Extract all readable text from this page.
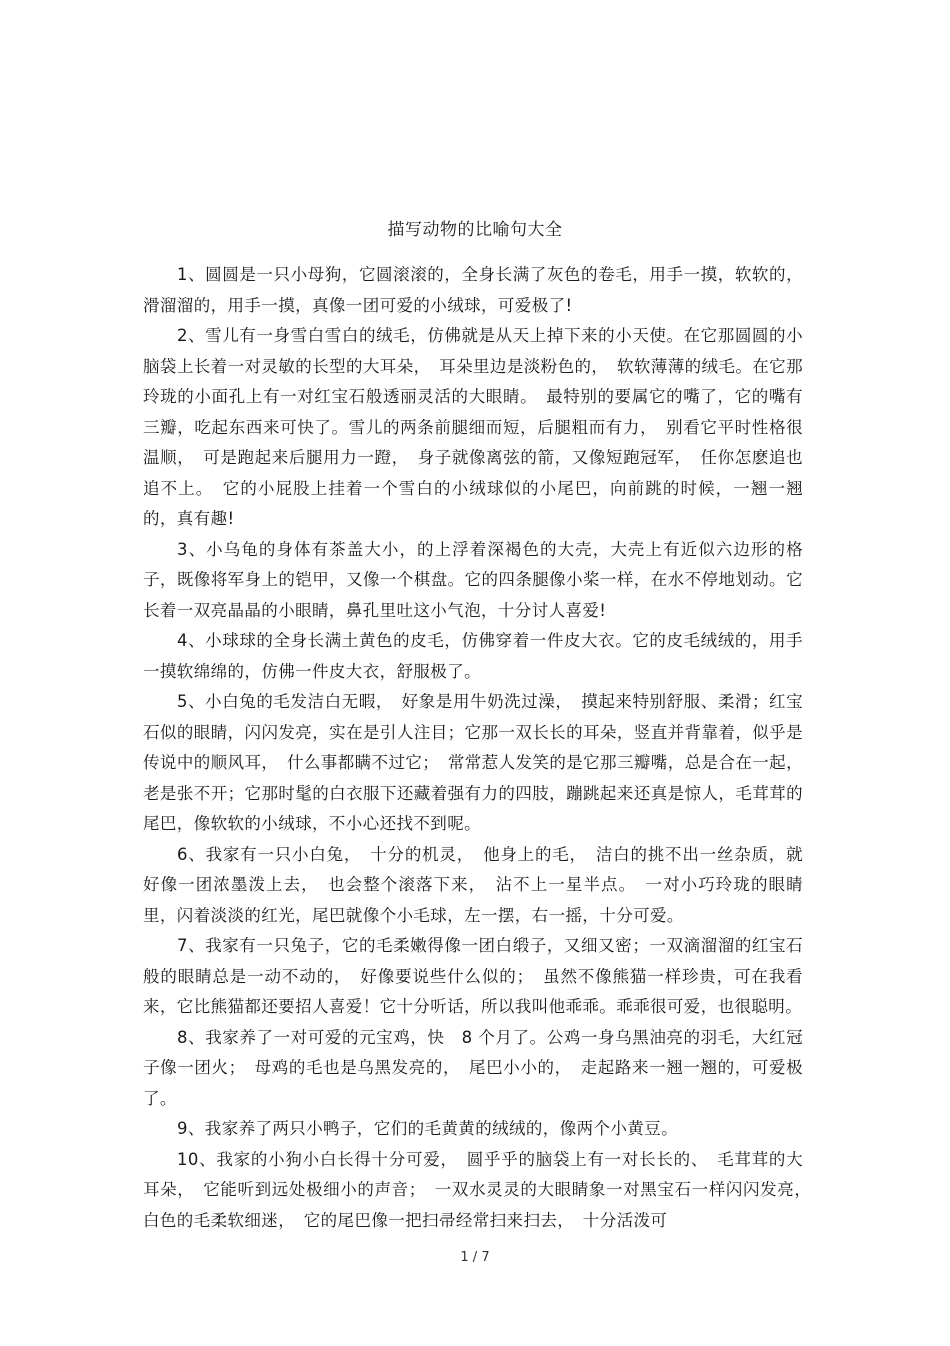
描写动物的比喻句大全

1、圆圆是一只小母狗，它圆滚滚的，全身长满了灰色的卷毛，用手一摸，软软的，滑溜溜的，用手一摸，真像一团可爱的小绒球，可爱极了!

2、雪儿有一身雪白雪白的绒毛，仿佛就是从天上掉下来的小天使。在它那圆圆的小脑袋上长着一对灵敏的长型的大耳朵，　耳朵里边是淡粉色的，　软软薄薄的绒毛。在它那玲珑的小面孔上有一对红宝石般透丽灵活的大眼睛。　最特别的要属它的嘴了，它的嘴有三瓣，吃起东西来可快了。雪儿的两条前腿细而短，后腿粗而有力，　别看它平时性格很温顺，　可是跑起来后腿用力一蹬，　身子就像离弦的箭，又像短跑冠军，　任你怎麽追也追不上。　它的小屁股上挂着一个雪白的小绒球似的小尾巴，向前跳的时候，一翘一翘的，真有趣!

3、小乌龟的身体有茶盖大小，的上浮着深褐色的大壳，大壳上有近似六边形的格子，既像将军身上的铠甲，又像一个棋盘。它的四条腿像小桨一样，在水不停地划动。它长着一双亮晶晶的小眼睛，鼻孔里吐这小气泡，十分讨人喜爱!

4、小球球的全身长满土黄色的皮毛，仿佛穿着一件皮大衣。它的皮毛绒绒的，用手一摸软绵绵的，仿佛一件皮大衣，舒服极了。

5、小白兔的毛发洁白无暇，　好象是用牛奶洗过澡，　摸起来特别舒服、柔滑；红宝石似的眼睛，闪闪发亮，实在是引人注目；它那一双长长的耳朵，竖直并背靠着，似乎是传说中的顺风耳，　什么事都瞒不过它；　常常惹人发笑的是它那三瓣嘴，总是合在一起，老是张不开；它那时髦的白衣服下还藏着强有力的四肢，蹦跳起来还真是惊人，毛茸茸的尾巴，像软软的小绒球，不小心还找不到呢。

6、我家有一只小白兔，　十分的机灵，　他身上的毛，　洁白的挑不出一丝杂质，就好像一团浓墨泼上去，　也会整个滚落下来，　沾不上一星半点。　一对小巧玲珑的眼睛里，闪着淡淡的红光，尾巴就像个小毛球，左一摆，右一摇，十分可爱。

7、我家有一只兔子，它的毛柔嫩得像一团白缎子，又细又密；一双滴溜溜的红宝石般的眼睛总是一动不动的，　好像要说些什么似的；　虽然不像熊猫一样珍贵，可在我看来，它比熊猫都还要招人喜爱！它十分听话，所以我叫他乖乖。乖乖很可爱，也很聪明。

8、我家养了一对可爱的元宝鸡，快　8 个月了。公鸡一身乌黑油亮的羽毛，大红冠子像一团火；　母鸡的毛也是乌黑发亮的，　尾巴小小的，　走起路来一翘一翘的，可爱极了。

9、我家养了两只小鸭子，它们的毛黄黄的绒绒的，像两个小黄豆。

10、我家的小狗小白长得十分可爱，　圆乎乎的脑袋上有一对长长的、　毛茸茸的大耳朵，　它能听到远处极细小的声音；　一双水灵灵的大眼睛象一对黑宝石一样闪闪发亮，　白色的毛柔软细迷，　它的尾巴像一把扫帚经常扫来扫去，　十分活泼可

1 / 7
